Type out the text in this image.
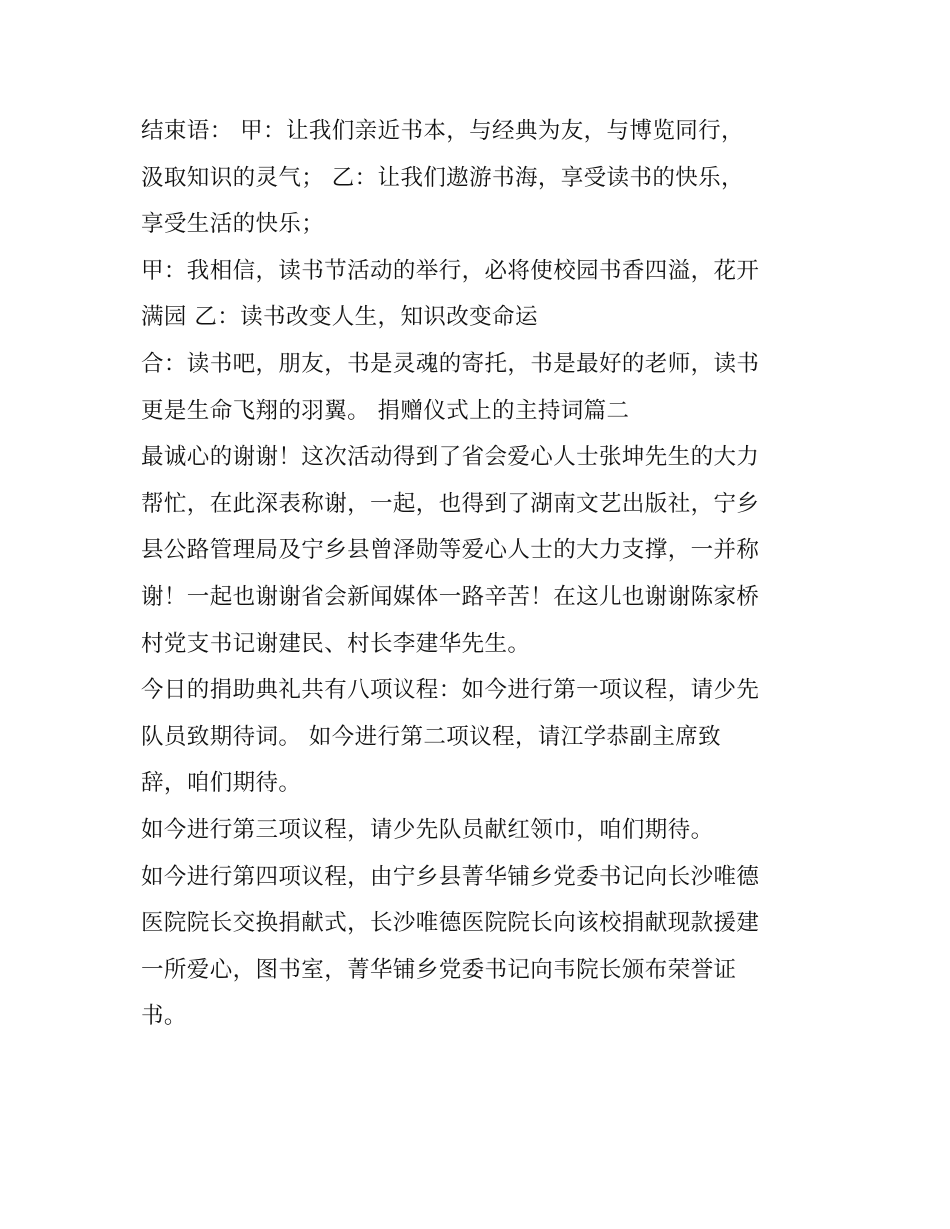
结束语： 甲：让我们亲近书本，与经典为友，与博览同行，
汲取知识的灵气； 乙：让我们遨游书海，享受读书的快乐，
享受生活的快乐；
甲：我相信，读书节活动的举行，必将使校园书香四溢，花开
满园 乙：读书改变人生，知识改变命运
合：读书吧，朋友，书是灵魂的寄托，书是最好的老师，读书
更是生命飞翔的羽翼。 捐赠仪式上的主持词篇二
最诚心的谢谢！这次活动得到了省会爱心人士张坤先生的大力
帮忙，在此深表称谢，一起，也得到了湖南文艺出版社，宁乡
县公路管理局及宁乡县曾泽勋等爱心人士的大力支撑，一并称
谢！一起也谢谢省会新闻媒体一路辛苦！在这儿也谢谢陈家桥
村党支书记谢建民、村长李建华先生。
今日的捐助典礼共有八项议程：如今进行第一项议程，请少先
队员致期待词。 如今进行第二项议程，请江学恭副主席致
辞，咱们期待。
如今进行第三项议程，请少先队员献红领巾，咱们期待。
如今进行第四项议程，由宁乡县菁华铺乡党委书记向长沙唯德
医院院长交换捐献式，长沙唯德医院院长向该校捐献现款援建
一所爱心，图书室，菁华铺乡党委书记向韦院长颁布荣誉证
书。
